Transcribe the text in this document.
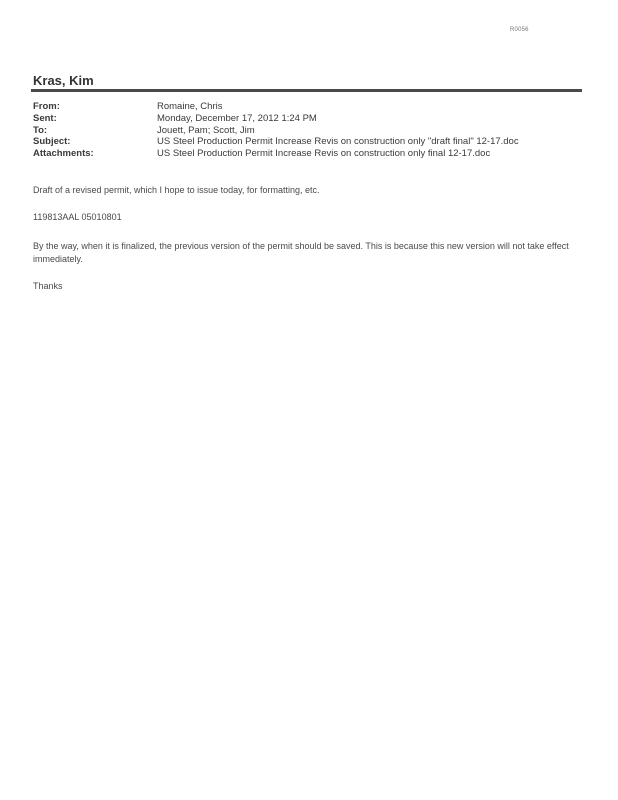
R0056
Kras, Kim
From:	Romaine, Chris
Sent:	Monday, December 17, 2012 1:24 PM
To:	Jouett, Pam; Scott, Jim
Subject:	US Steel Production Permit Increase Revis on construction only "draft final" 12-17.doc
Attachments:	US Steel Production Permit Increase Revis on construction only final 12-17.doc
Draft of a revised permit, which I hope to issue today, for formatting, etc.
119813AAL 05010801
By the way, when it is finalized, the previous version of the permit should be saved. This is because this new version will not take effect immediately.
Thanks
